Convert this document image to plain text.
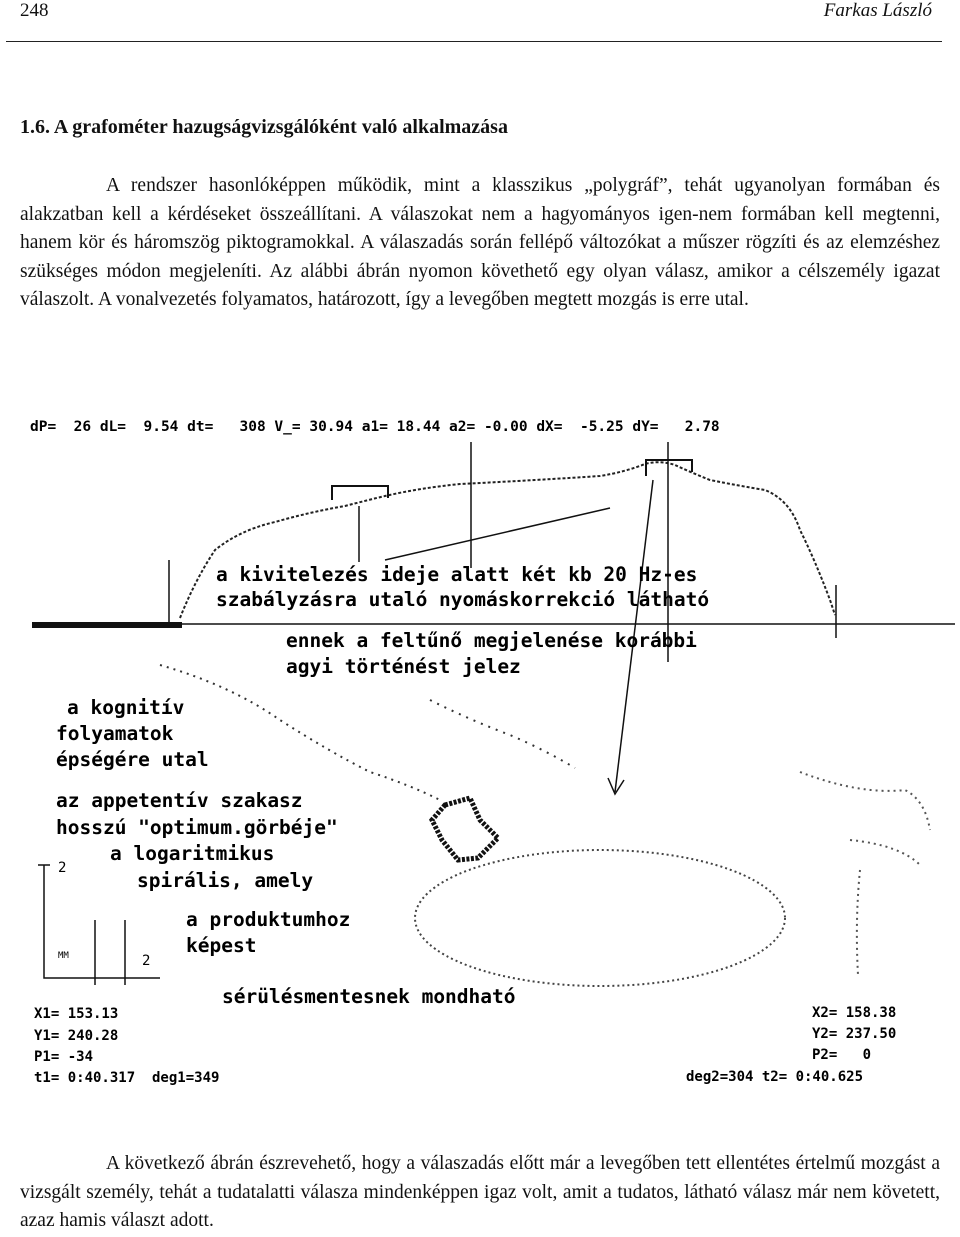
248	Farkas László
1.6. A grafométer hazugságvizsgálóként való alkalmazása

A rendszer hasonlóképpen működik, mint a klasszikus „polygráf”, tehát ugyanolyan formában és alakzatban kell a kérdéseket összeállítani. A válaszokat nem a hagyományos igen-nem formában kell megtenni, hanem kör és háromszög piktogramokkal. A válaszadás során fellépő változókat a műszer rögzíti és az elemzéshez szükséges módon megjeleníti. Az alábbi ábrán nyomon követhető egy olyan válasz, amikor a célszemély igazat válaszolt. A vonalvezetés folyamatos, határozott, így a levegőben megtett mozgás is erre utal.

dP=  26 dL=  9.54 dt=   308 V_= 30.94 a1= 18.44 a2= -0.00 dX=  -5.25 dY=   2.78
2
MM	2
a kivitelezés ideje alatt két kb 20 Hz-es
szabályzásra utaló nyomáskorrekció látható
ennek a feltűnő megjelenése korábbi
agyi történést jelez
a kognitív
folyamatok
épségére utal
az appetentív szakasz
hosszú "optimum.görbéje"
a logaritmikus
spirális, amely
a produktumhoz
képest
sérülésmentesnek mondható
X1= 153.13
Y1= 240.28
P1= -34
t1= 0:40.317  deg1=349
X2= 158.38
Y2= 237.50
P2=   0
deg2=304 t2= 0:40.625

A következő ábrán észrevehető, hogy a válaszadás előtt már a levegőben tett ellentétes értelmű mozgást a vizsgált személy, tehát a tudatalatti válasza mindenképpen igaz volt, amit a tudatos, látható válasz már nem követett, azaz hamis választ adott.
